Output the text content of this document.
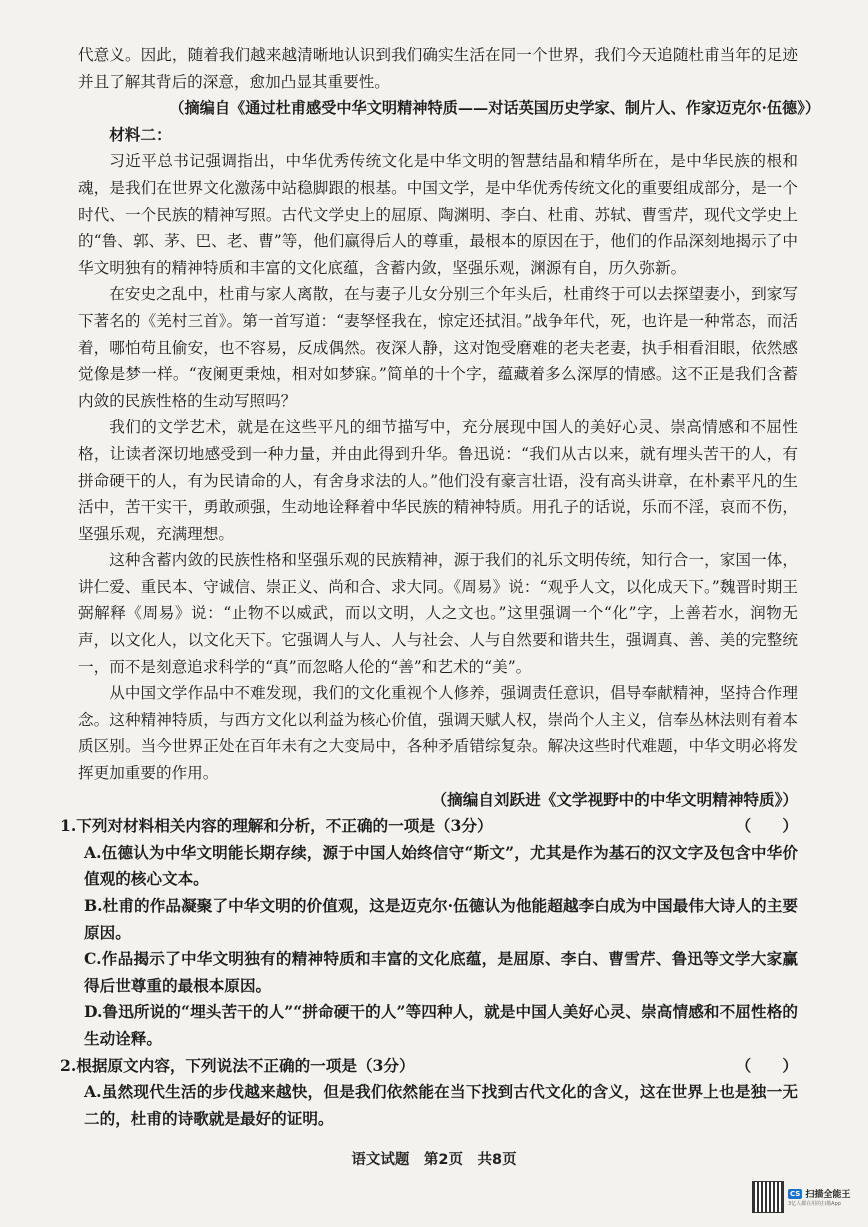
代意义。因此，随着我们越来越清晰地认识到我们确实生活在同一个世界，我们今天追随杜甫当年的足迹并且了解其背后的深意，愈加凸显其重要性。

（摘编自《通过杜甫感受中华文明精神特质——对话英国历史学家、制片人、作家迈克尔·伍德》）

材料二：

习近平总书记强调指出，中华优秀传统文化是中华文明的智慧结晶和精华所在，是中华民族的根和魂，是我们在世界文化激荡中站稳脚跟的根基。中国文学，是中华优秀传统文化的重要组成部分，是一个时代、一个民族的精神写照。古代文学史上的屈原、陶渊明、李白、杜甫、苏轼、曹雪芹，现代文学史上的“鲁、郭、茅、巴、老、曹”等，他们赢得后人的尊重，最根本的原因在于，他们的作品深刻地揭示了中华文明独有的精神特质和丰富的文化底蕴，含蓄内敛，坚强乐观，渊源有自，历久弥新。

在安史之乱中，杜甫与家人离散，在与妻子儿女分别三个年头后，杜甫终于可以去探望妻小，到家写下著名的《羌村三首》。第一首写道：“妻孥怪我在，惊定还拭泪。”战争年代，死，也许是一种常态，而活着，哪怕苟且偷安，也不容易，反成偶然。夜深人静，这对饱受磨难的老夫老妻，执手相看泪眼，依然感觉像是梦一样。“夜阑更秉烛，相对如梦寐。”简单的十个字，蕴藏着多么深厚的情感。这不正是我们含蓄内敛的民族性格的生动写照吗？

我们的文学艺术，就是在这些平凡的细节描写中，充分展现中国人的美好心灵、崇高情感和不屈性格，让读者深切地感受到一种力量，并由此得到升华。鲁迅说：“我们从古以来，就有埋头苦干的人，有拼命硬干的人，有为民请命的人，有舍身求法的人。”他们没有豪言壮语，没有高头讲章，在朴素平凡的生活中，苦干实干，勇敢顽强，生动地诠释着中华民族的精神特质。用孔子的话说，乐而不淫，哀而不伤，坚强乐观，充满理想。

这种含蓄内敛的民族性格和坚强乐观的民族精神，源于我们的礼乐文明传统，知行合一，家国一体，讲仁爱、重民本、守诚信、崇正义、尚和合、求大同。《周易》说：“观乎人文，以化成天下。”魏晋时期王弼解释《周易》说：“止物不以威武，而以文明，人之文也。”这里强调一个“化”字，上善若水，润物无声，以文化人，以文化天下。它强调人与人、人与社会、人与自然要和谐共生，强调真、善、美的完整统一，而不是刻意追求科学的“真”而忽略人伦的“善”和艺术的“美”。

从中国文学作品中不难发现，我们的文化重视个人修养，强调责任意识，倡导奉献精神，坚持合作理念。这种精神特质，与西方文化以利益为核心价值，强调天赋人权，崇尚个人主义，信奉丛林法则有着本质区别。当今世界正处在百年未有之大变局中，各种矛盾错综复杂。解决这些时代难题，中华文明必将发挥更加重要的作用。

（摘编自刘跃进《文学视野中的中华文明精神特质》）

1.下列对材料相关内容的理解和分析，不正确的一项是（3分）	（　　）

A.伍德认为中华文明能长期存续，源于中国人始终信守“斯文”，尤其是作为基石的汉文字及包含中华价值观的核心文本。

B.杜甫的作品凝聚了中华文明的价值观，这是迈克尔·伍德认为他能超越李白成为中国最伟大诗人的主要原因。

C.作品揭示了中华文明独有的精神特质和丰富的文化底蕴，是屈原、李白、曹雪芹、鲁迅等文学大家赢得后世尊重的最根本原因。

D.鲁迅所说的“埋头苦干的人”“拼命硬干的人”等四种人，就是中国人美好心灵、崇高情感和不屈性格的生动诠释。

2.根据原文内容，下列说法不正确的一项是（3分）	（　　）

A.虽然现代生活的步伐越来越快，但是我们依然能在当下找到古代文化的含义，这在世界上也是独一无二的，杜甫的诗歌就是最好的证明。

语文试题　第2页　共8页
CS 扫描全能王
3亿人都在用的扫描App
